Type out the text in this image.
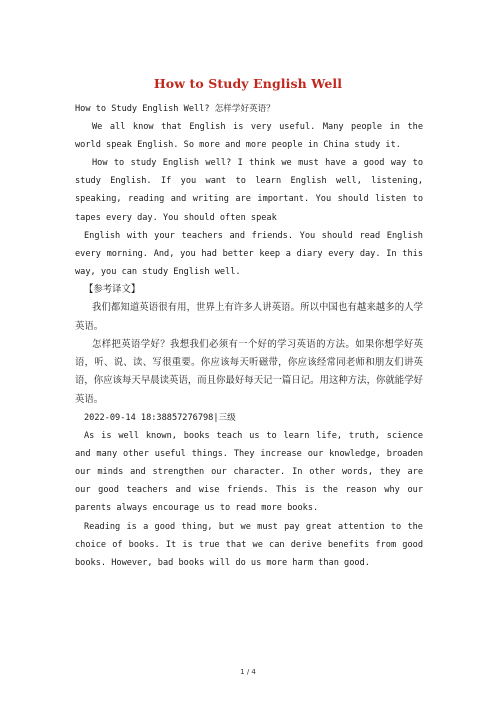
How to Study English Well

How to Study English Well? 怎样学好英语？

We all know that English is very useful. Many people in the world speak English. So more and more people in China study it.

How to study English well? I think we must have a good way to study English. If you want to learn English well, listening, speaking, reading and writing are important. You should listen to tapes every day. You should often speak

English with your teachers and friends. You should read English every morning. And, you had better keep a diary every day. In this way, you can study English well.

【参考译文】

我们都知道英语很有用，世界上有许多人讲英语。所以中国也有越来越多的人学英语。

怎样把英语学好？我想我们必须有一个好的学习英语的方法。如果你想学好英语，听、说、读、写很重要。你应该每天听磁带，你应该经常同老师和朋友们讲英语，你应该每天早晨读英语，而且你最好每天记一篇日记。用这种方法，你就能学好英语。

2022-09-14 18:38857276798|三级

As is well known, books teach us to learn life, truth, science and many other useful things. They increase our knowledge, broaden our minds and strengthen our character. In other words, they are our good teachers and wise friends. This is the reason why our parents always encourage us to read more books.

Reading is a good thing, but we must pay great attention to the choice of books. It is true that we can derive benefits from good books. However, bad books will do us more harm than good.

1 / 4
